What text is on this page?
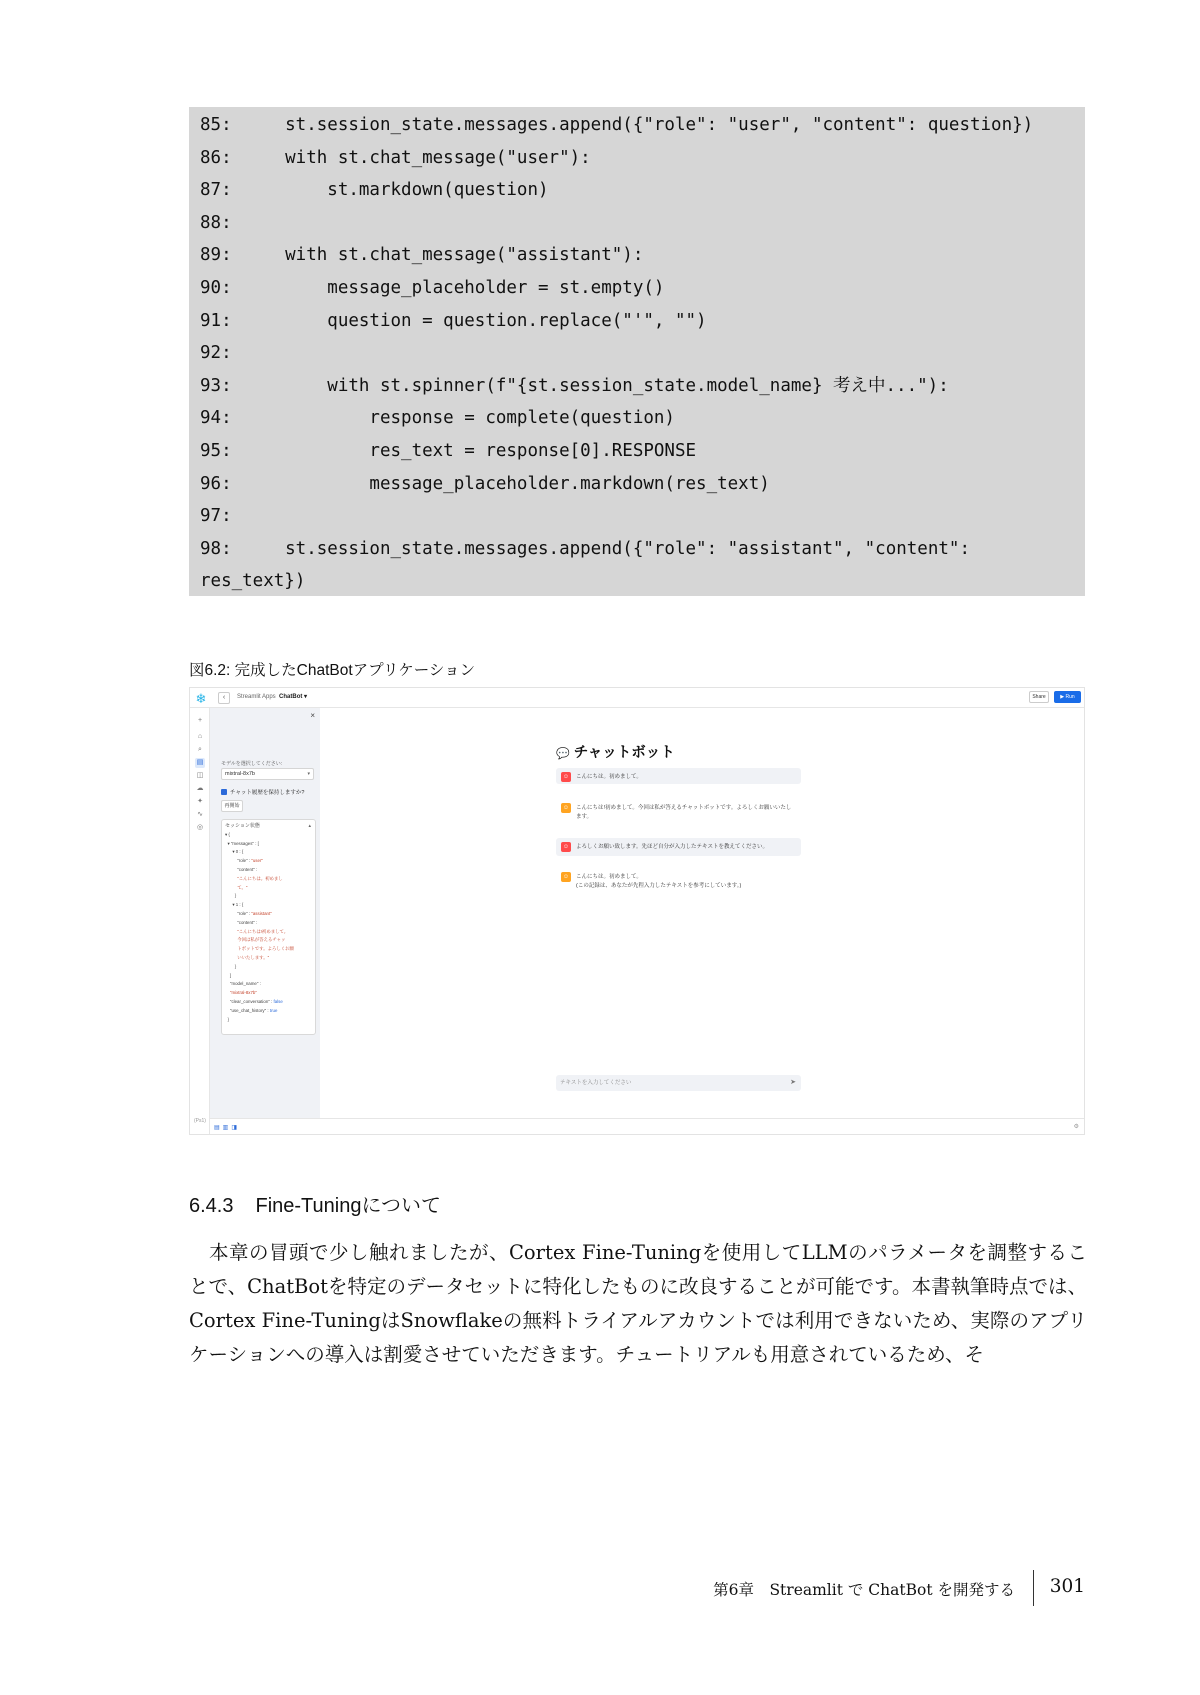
85:    st.session_state.messages.append({"role": "user", "content": question})
86:    with st.chat_message("user"):
87:        st.markdown(question)
88:
89:    with st.chat_message("assistant"):
90:        message_placeholder = st.empty()
91:        question = question.replace("'", "")
92:
93:        with st.spinner(f"{st.session_state.model_name} 考え中..."):
94:            response = complete(question)
95:            res_text = response[0].RESPONSE
96:            message_placeholder.markdown(res_text)
97:
98:    st.session_state.messages.append({"role": "assistant", "content":
res_text})
図6.2: 完成したChatBotアプリケーション
❄	‹	Streamlit Apps ChatBot ▾	Share	▶ Run
+
⌂
⌕
▤
◫
☁
✦
∿
◎
(Ps1)
×
モデルを選択してください:
mixtral-8x7b	▾
チャット履歴を保持しますか?
再開始
セッション状態	▴
▾ {
▾ "messages" : [
▾ 0 : {
"role" : "user"
"content" :
"こんにちは。初めまし
て。"
}
▾ 1 : {
"role" : "assistant"
"content" :
"こんにちは!初めまして。
今回は私が答えるチャッ
トボットです。よろしくお願
いいたします。"
}
]
"model_name" :
"mixtral-8x7b"
"clear_conversation" : false
"use_chat_history" : true
}
💬 チャットボット
☺	こんにちは。初めまして。
☺	こんにちは!初めまして。今回は私が答えるチャットボットです。よろしくお願いいたします。
☺	よろしくお願い致します。先ほど自分が入力したテキストを教えてください。
☺	こんにちは。初めまして。
(この記録は、あなたが先程入力したテキストを参考にしています。)
テキストを入力してください	➤
▤▥◨	⚙
6.4.3 Fine-Tuningについて

本章の冒頭で少し触れましたが、Cortex Fine-Tuningを使用してLLMのパラメータを調整することで、ChatBotを特定のデータセットに特化したものに改良することが可能です。本書執筆時点では、Cortex Fine-TuningはSnowflakeの無料トライアルアカウントでは利用できないため、実際のアプリケーションへの導入は割愛させていただきます。チュートリアルも用意されているため、そ

第6章　Streamlit で ChatBot を開発する 301
